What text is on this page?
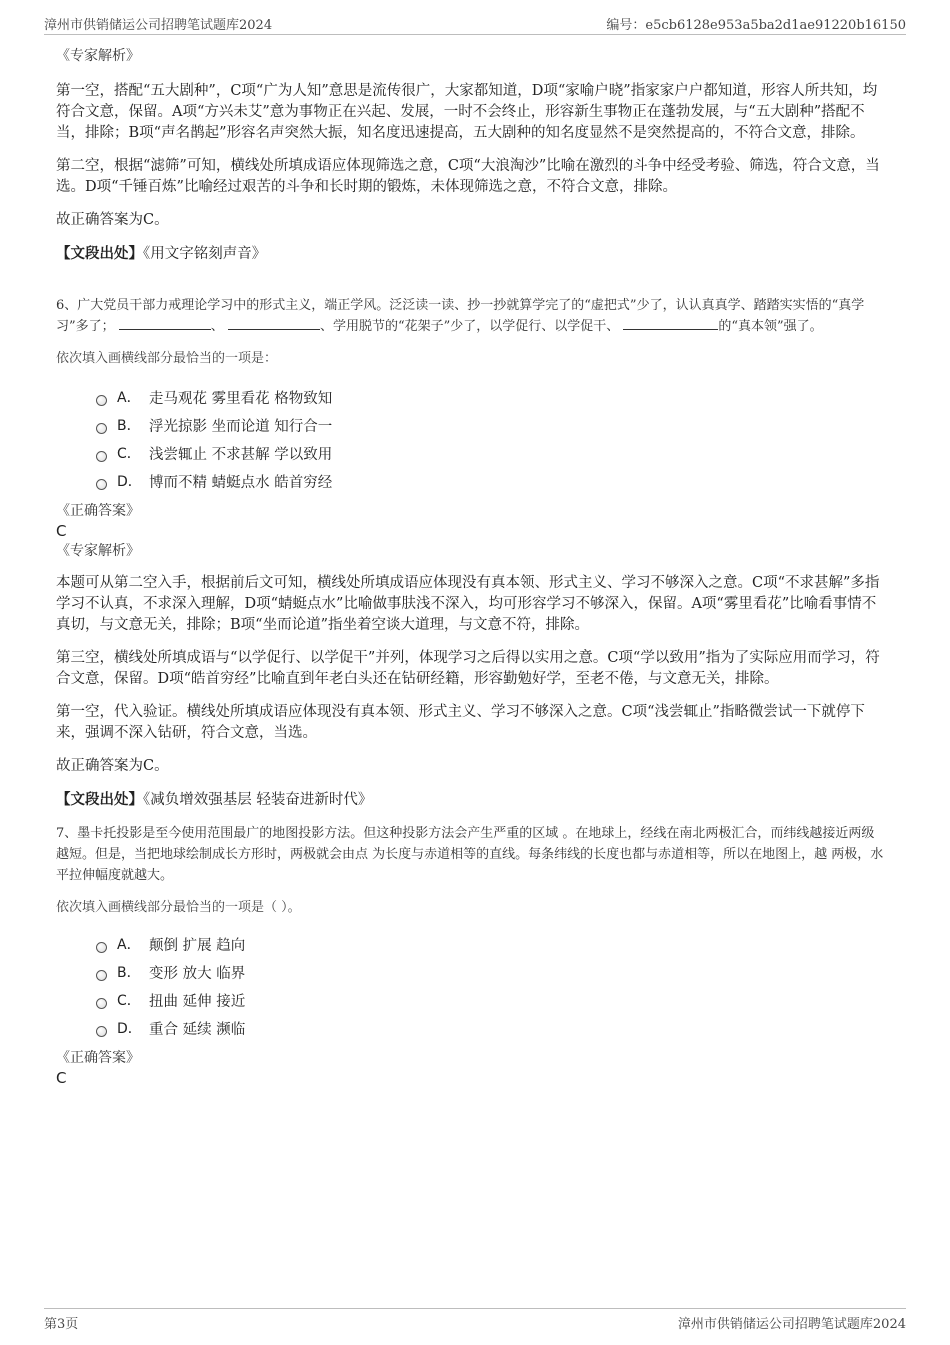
漳州市供销储运公司招聘笔试题库2024	编号：e5cb6128e953a5ba2d1ae91220b16150

《专家解析》

第一空，搭配“五大剧种”，C项“广为人知”意思是流传很广，大家都知道，D项“家喻户晓”指家家户户都知道，形容人所共知，均符合文意，保留。A项“方兴未艾”意为事物正在兴起、发展，一时不会终止，形容新生事物正在蓬勃发展，与“五大剧种”搭配不当，排除；B项“声名鹊起”形容名声突然大振，知名度迅速提高，五大剧种的知名度显然不是突然提高的，不符合文意，排除。

第二空，根据“滤筛”可知，横线处所填成语应体现筛选之意，C项“大浪淘沙”比喻在激烈的斗争中经受考验、筛选，符合文意，当选。D项“千锤百炼”比喻经过艰苦的斗争和长时期的锻炼，未体现筛选之意，不符合文意，排除。

故正确答案为C。

【文段出处】《用文字铭刻声音》

6、广大党员干部力戒理论学习中的形式主义，端正学风。泛泛读一读、抄一抄就算学完了的“虚把式”少了，认认真真学、踏踏实实悟的“真学习”多了；	、	、学用脱节的“花架子”少了，以学促行、以学促干、	的“真本领”强了。

依次填入画横线部分最恰当的一项是：

A． 走马观花 雾里看花 格物致知
B． 浮光掠影 坐而论道 知行合一
C． 浅尝辄止 不求甚解 学以致用
D． 博而不精 蜻蜓点水 皓首穷经

《正确答案》

C

《专家解析》

本题可从第二空入手，根据前后文可知，横线处所填成语应体现没有真本领、形式主义、学习不够深入之意。C项“不求甚解”多指学习不认真，不求深入理解，D项“蜻蜓点水”比喻做事肤浅不深入，均可形容学习不够深入，保留。A项“雾里看花”比喻看事情不真切，与文意无关，排除；B项“坐而论道”指坐着空谈大道理，与文意不符，排除。

第三空，横线处所填成语与“以学促行、以学促干”并列，体现学习之后得以实用之意。C项“学以致用”指为了实际应用而学习，符合文意，保留。D项“皓首穷经”比喻直到年老白头还在钻研经籍，形容勤勉好学，至老不倦，与文意无关，排除。

第一空，代入验证。横线处所填成语应体现没有真本领、形式主义、学习不够深入之意。C项“浅尝辄止”指略微尝试一下就停下来，强调不深入钻研，符合文意，当选。

故正确答案为C。

【文段出处】《减负增效强基层 轻装奋进新时代》

7、墨卡托投影是至今使用范围最广的地图投影方法。但这种投影方法会产生严重的区域 。在地球上，经线在南北两极汇合，而纬线越接近两级越短。但是，当把地球绘制成长方形时，两极就会由点 为长度与赤道相等的直线。每条纬线的长度也都与赤道相等，所以在地图上，越 两极，水平拉伸幅度就越大。

依次填入画横线部分最恰当的一项是（ ）。

A． 颠倒 扩展 趋向
B． 变形 放大 临界
C． 扭曲 延伸 接近
D． 重合 延续 濒临

《正确答案》

C

第3页	漳州市供销储运公司招聘笔试题库2024
